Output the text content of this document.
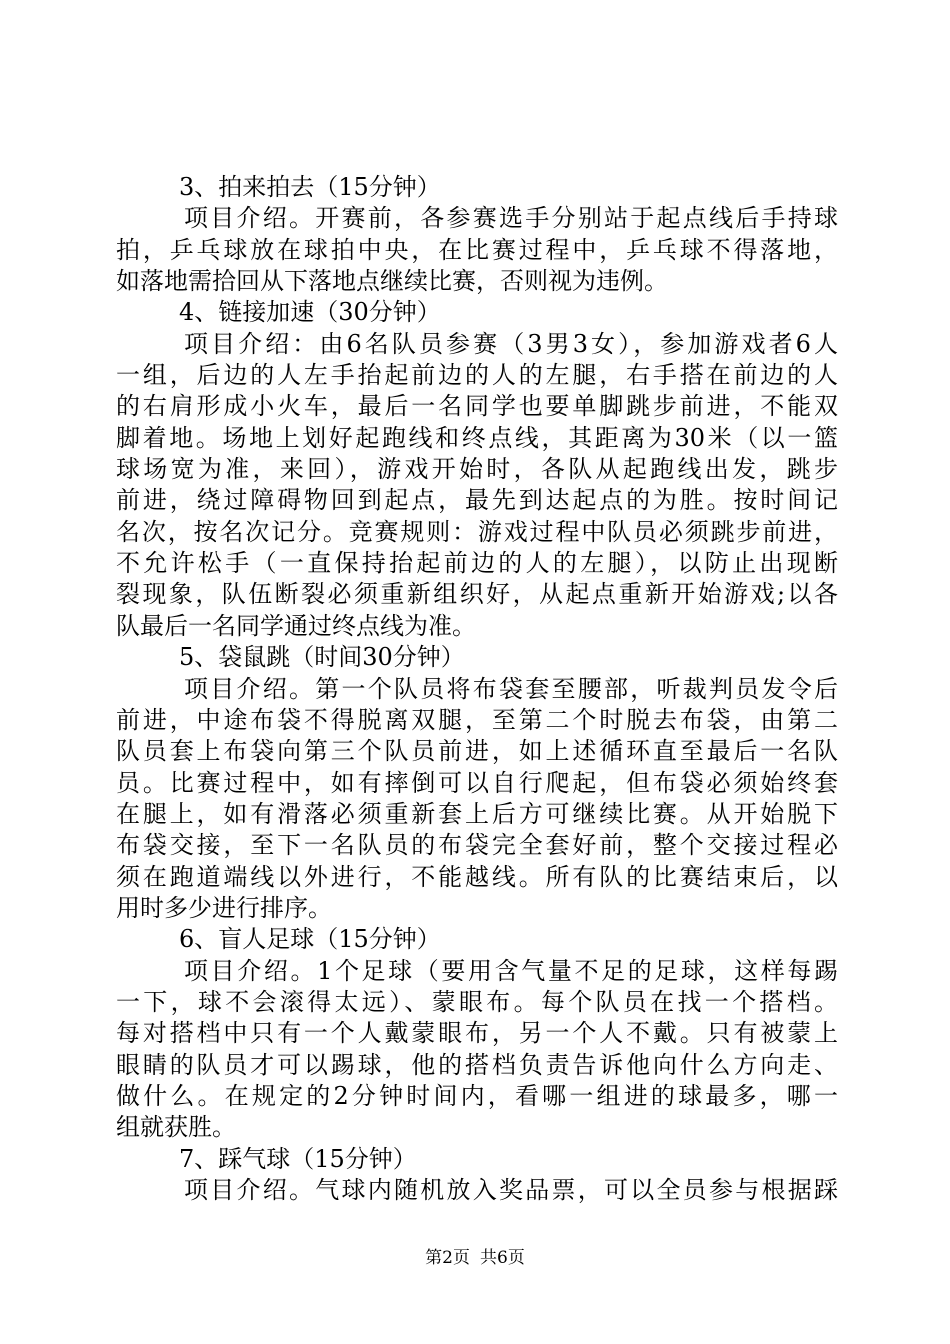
3、拍来拍去（15分钟）
项目介绍。开赛前，各参赛选手分别站于起点线后手持球
拍，乒乓球放在球拍中央，在比赛过程中，乒乓球不得落地，
如落地需拾回从下落地点继续比赛，否则视为违例。
4、链接加速（30分钟）
项目介绍：由6名队员参赛（3男3女），参加游戏者6人
一组，后边的人左手抬起前边的人的左腿，右手搭在前边的人
的右肩形成小火车，最后一名同学也要单脚跳步前进，不能双
脚着地。场地上划好起跑线和终点线，其距离为30米（以一篮
球场宽为准，来回），游戏开始时，各队从起跑线出发，跳步
前进，绕过障碍物回到起点，最先到达起点的为胜。按时间记
名次，按名次记分。竞赛规则：游戏过程中队员必须跳步前进，
不允许松手（一直保持抬起前边的人的左腿），以防止出现断
裂现象，队伍断裂必须重新组织好，从起点重新开始游戏;以各
队最后一名同学通过终点线为准。
5、袋鼠跳（时间30分钟）
项目介绍。第一个队员将布袋套至腰部，听裁判员发令后
前进，中途布袋不得脱离双腿，至第二个时脱去布袋，由第二
队员套上布袋向第三个队员前进，如上述循环直至最后一名队
员。比赛过程中，如有摔倒可以自行爬起，但布袋必须始终套
在腿上，如有滑落必须重新套上后方可继续比赛。从开始脱下
布袋交接，至下一名队员的布袋完全套好前，整个交接过程必
须在跑道端线以外进行，不能越线。所有队的比赛结束后，以
用时多少进行排序。
6、盲人足球（15分钟）
项目介绍。1个足球（要用含气量不足的足球，这样每踢
一下，球不会滚得太远）、蒙眼布。每个队员在找一个搭档。
每对搭档中只有一个人戴蒙眼布，另一个人不戴。只有被蒙上
眼睛的队员才可以踢球，他的搭档负责告诉他向什么方向走、
做什么。在规定的2分钟时间内，看哪一组进的球最多，哪一
组就获胜。
7、踩气球（15分钟）
项目介绍。气球内随机放入奖品票，可以全员参与根据踩
第2页 共6页
